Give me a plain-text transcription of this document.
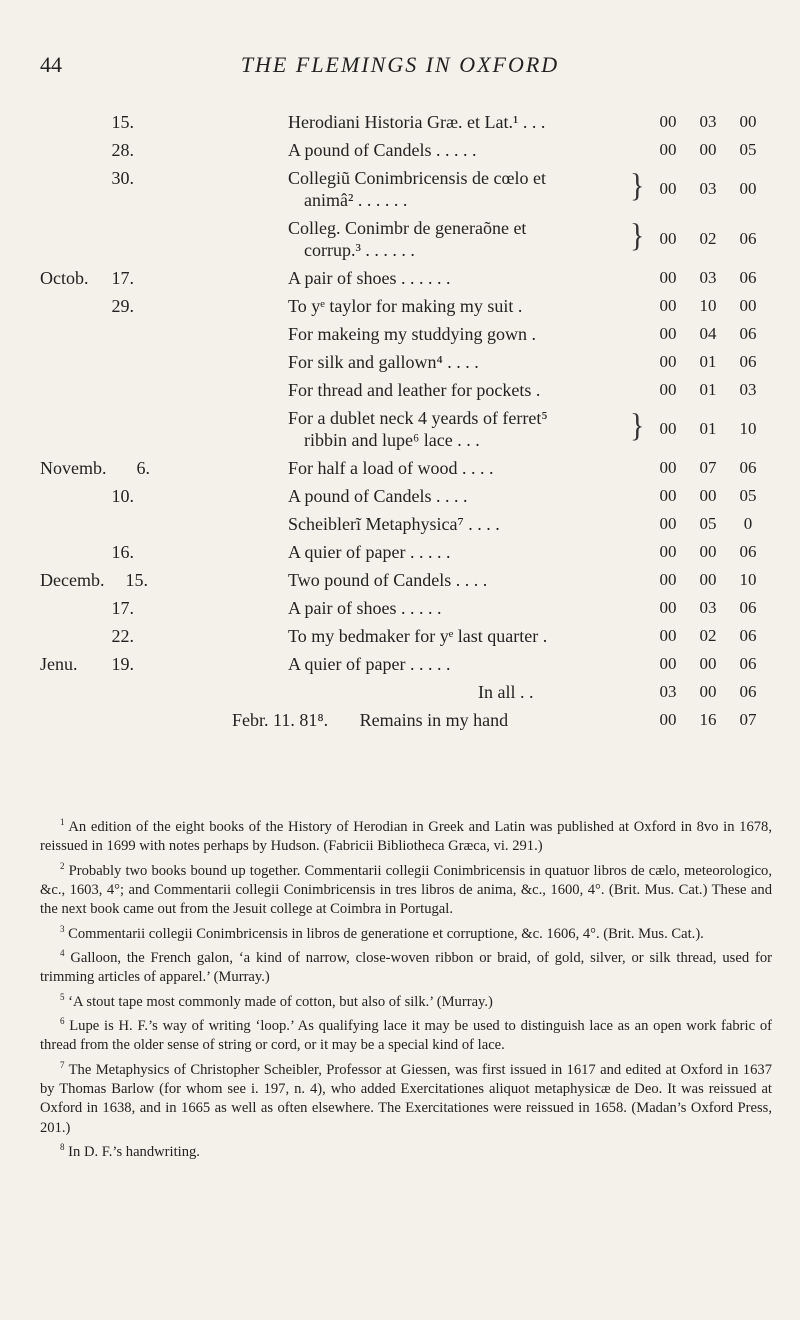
44	THE FLEMINGS IN OXFORD
15.	Herodiani Historia Græ. et Lat.¹ . . .	00 03 00
28.	A pound of Candels . . . . .	00 00 05
30.	Collegiũ Conimbricensis de cœlo et
animâ² . . . . . .	} 00 03 00
Colleg. Conimbr de generaõne et
corrup.³ . . . . . .	} 00 02 06
Octob.	17.	A pair of shoes . . . . . .	00 03 06
29.	To yᵉ taylor for making my suit .	00 10 00
For makeing my studdying gown .	00 04 06
For silk and gallown⁴ . . . .	00 01 06
For thread and leather for pockets .	00 01 03
For a dublet neck 4 yeards of ferret⁵
ribbin and lupe⁶ lace . . .	} 00 01 10
Novemb.	6.	For half a load of wood . . . .	00 07 06
10.	A pound of Candels . . . .	00 00 05
Scheiblerĩ Metaphysica⁷ . . . .	00 05 0
16.	A quier of paper . . . . .	00 00 06
Decemb.	15.	Two pound of Candels . . . .	00 00 10
17.	A pair of shoes . . . . .	00 03 06
22.	To my bedmaker for yᵉ last quarter .	00 02 06
Jenu.	19.	A quier of paper . . . . .	00 00 06
In all . .	03 00 06
Febr. 11. 81⁸.       Remains in my hand	00 16 07

$^1$ An edition of the eight books of the History of Herodian in Greek and Latin was published at Oxford in 8vo in 1678, reissued in 1699 with notes perhaps by Hudson. (Fabricii Bibliotheca Græca, vi. 291.)

$^2$ Probably two books bound up together. Commentarii collegii Conimbricensis in quatuor libros de cælo, meteorologico, &c., 1603, 4°; and Commentarii collegii Conimbricensis in tres libros de anima, &c., 1600, 4°. (Brit. Mus. Cat.) These and the next book came out from the Jesuit college at Coimbra in Portugal.

$^3$ Commentarii collegii Conimbricensis in libros de generatione et corruptione, &c. 1606, 4°. (Brit. Mus. Cat.).

$^4$ Galloon, the French galon, ‘a kind of narrow, close-woven ribbon or braid, of gold, silver, or silk thread, used for trimming articles of apparel.’ (Murray.)

$^5$ ‘A stout tape most commonly made of cotton, but also of silk.’ (Murray.)

$^6$ Lupe is H. F.’s way of writing ‘loop.’ As qualifying lace it may be used to distinguish lace as an open work fabric of thread from the older sense of string or cord, or it may be a special kind of lace.

$^7$ The Metaphysics of Christopher Scheibler, Professor at Giessen, was first issued in 1617 and edited at Oxford in 1637 by Thomas Barlow (for whom see i. 197, n. 4), who added Exercitationes aliquot metaphysicæ de Deo. It was reissued at Oxford in 1638, and in 1665 as well as often elsewhere. The Exercitationes were reissued in 1658. (Madan’s Oxford Press, 201.)

$^8$ In D. F.’s handwriting.
